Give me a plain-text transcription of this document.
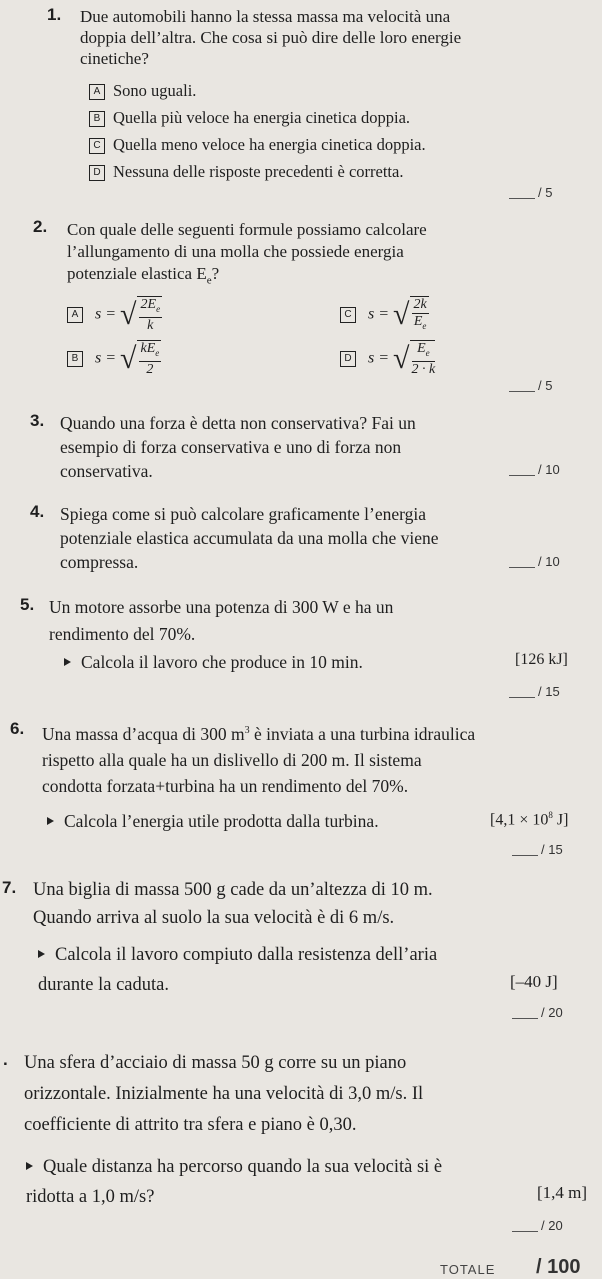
1. Due automobili hanno la stessa massa ma velocità una
doppia dell’altra. Che cosa si può dire delle loro energie
cinetiche?
A Sono uguali.
B Quella più veloce ha energia cinetica doppia.
C Quella meno veloce ha energia cinetica doppia.
D Nessuna delle risposte precedenti è corretta.
/ 5
2. Con quale delle seguenti formule possiamo calcolare
l’allungamento di una molla che possiede energia
potenziale elastica $E_e$?
A s = √ $\frac{2E_e}{k}$
B s = √ $\frac{kE_e}{2}$
C s = √ $\frac{2k}{E_e}$
D s = √ $\frac{E_e}{2 \cdot k}$
/ 5
3. Quando una forza è detta non conservativa? Fai un
esempio di forza conservativa e uno di forza non
conservativa.	/ 10
4. Spiega come si può calcolare graficamente l’energia
potenziale elastica accumulata da una molla che viene
compressa.	/ 10
5. Un motore assorbe una potenza di 300 W e ha un
rendimento del 70%.
Calcola il lavoro che produce in 10 min.	[126 kJ]
/ 15
6. Una massa d’acqua di 300 $m^3$ è inviata a una turbina idraulica
rispetto alla quale ha un dislivello di 200 m. Il sistema
condotta forzata+turbina ha un rendimento del 70%.
Calcola l’energia utile prodotta dalla turbina.	[$4,1 \times 10^8$ J]
/ 15
7. Una biglia di massa 500 g cade da un’altezza di 10 m.
Quando arriva al suolo la sua velocità è di 6 m/s.
Calcola il lavoro compiuto dalla resistenza dell’aria
durante la caduta.	[–40 J]
/ 20
. Una sfera d’acciaio di massa 50 g corre su un piano
orizzontale. Inizialmente ha una velocità di 3,0 m/s. Il
coefficiente di attrito tra sfera e piano è 0,30.
Quale distanza ha percorso quando la sua velocità si è
ridotta a 1,0 m/s?	[1,4 m]
/ 20
TOTALE / 100
